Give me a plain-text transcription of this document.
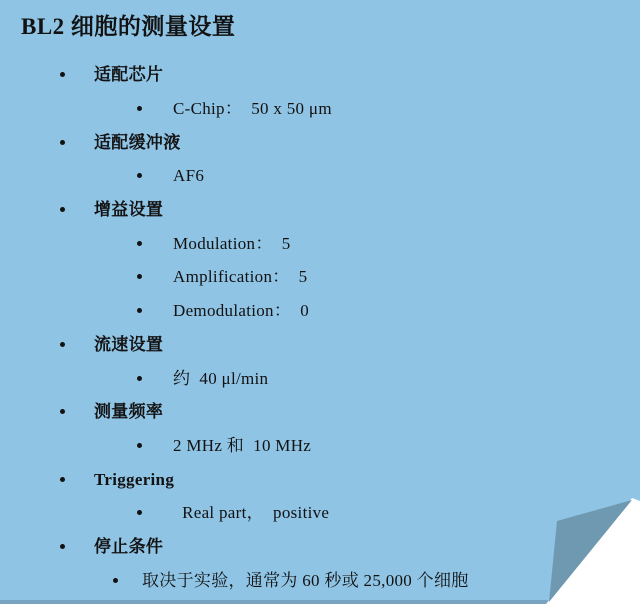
BL2 细胞的测量设置
适配芯片
C-Chip：  50 x 50 μm
适配缓冲液
AF6
增益设置
Modulation：  5
Amplification：  5
Demodulation：  0
流速设置
约  40 μl/min
测量频率
2 MHz 和  10 MHz
Triggering
Real part，  positive
停止条件
取决于实验，通常为 60 秒或 25,000 个细胞
